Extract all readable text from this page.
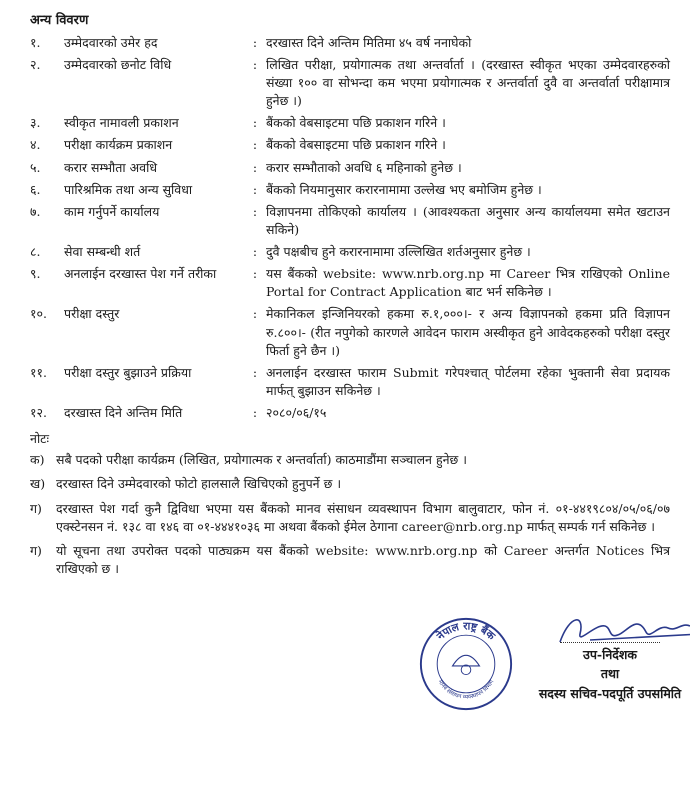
अन्य विवरण
१.	उम्मेदवारको उमेर हद	: दरखास्त दिने अन्तिम मितिमा ४५ वर्ष ननाघेको
२.	उम्मेदवारको छनोट विधि	: लिखित परीक्षा, प्रयोगात्मक तथा अन्तर्वार्ता । (दरखास्त स्वीकृत भएका उम्मेदवारहरुको संख्या १०० वा सोभन्दा कम भएमा प्रयोगात्मक र अन्तर्वार्ता दुवै वा अन्तर्वार्ता परीक्षामात्र हुनेछ ।)
३.	स्वीकृत नामावली प्रकाशन	: बैंकको वेबसाइटमा पछि प्रकाशन गरिने ।
४.	परीक्षा कार्यक्रम प्रकाशन	: बैंकको वेबसाइटमा पछि प्रकाशन गरिने ।
५.	करार सम्भौता अवधि	: करार सम्भौताको अवधि ६ महिनाको हुनेछ ।
६.	पारिश्रमिक तथा अन्य सुविधा	: बैंकको नियमानुसार करारनामामा उल्लेख भए बमोजिम हुनेछ ।
७.	काम गर्नुपर्ने कार्यालय	: विज्ञापनमा तोकिएको कार्यालय । (आवश्यकता अनुसार अन्य कार्यालयमा समेत खटाउन सकिने)
८.	सेवा सम्बन्धी शर्त	: दुवै पक्षबीच हुने करारनामामा उल्लिखित शर्तअनुसार हुनेछ ।
९.	अनलाईन दरखास्त पेश गर्ने तरीका	: यस बैंकको website: www.nrb.org.np मा Career भित्र राखिएको Online Portal for Contract Application बाट भर्न सकिनेछ ।
१०.	परीक्षा दस्तुर	: मेकानिकल इन्जिनियरको हकमा रु.१,०००।- र अन्य विज्ञापनको हकमा प्रति विज्ञापन रु.८००।- (रीत नपुगेको कारणले आवेदन फाराम अस्वीकृत हुने आवेदकहरुको परीक्षा दस्तुर फिर्ता हुने छैन ।)
११.	परीक्षा दस्तुर बुझाउने प्रक्रिया	: अनलाईन दरखास्त फाराम Submit गरेपश्चात् पोर्टलमा रहेका भुक्तानी सेवा प्रदायक मार्फत् बुझाउन सकिनेछ ।
१२.	दरखास्त दिने अन्तिम मिति	: २०८०/०६/१५
नोटः
क) सबै पदको परीक्षा कार्यक्रम (लिखित, प्रयोगात्मक र अन्तर्वार्ता) काठमाडौंमा सञ्चालन हुनेछ ।
ख) दरखास्त दिने उम्मेदवारको फोटो हालसालै खिचिएको हुनुपर्ने छ ।
ग)	दरखास्त पेश गर्दा कुनै द्विविधा भएमा यस बैंकको मानव संसाधन व्यवस्थापन विभाग बालुवाटार, फोन नं. ०१-४४१९८०४/०५/०६/०७ एक्स्टेनसन नं. १३८ वा १४६ वा ०१-४४४१०३६ मा अथवा बैंकको ईमेल ठेगाना career@nrb.org.np मार्फत् सम्पर्क गर्न सकिनेछ ।
ग)	यो सूचना तथा उपरोक्त पदको पाठ्यक्रम यस बैंकको website: www.nrb.org.np को Career अन्तर्गत Notices भित्र राखिएको छ ।
नेपाल राष्ट्र बैंक
मानव संसाधन व्यवस्थापन विभाग
उप-निर्देशक
तथा
सदस्य सचिव-पदपूर्ति उपसमिति
